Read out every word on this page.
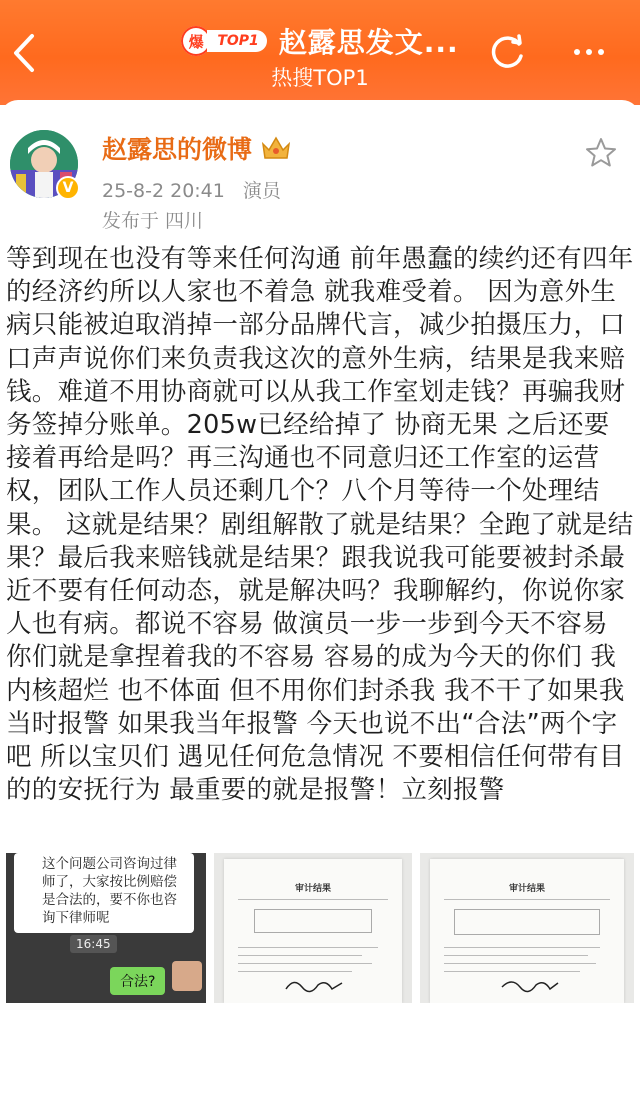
爆 TOP1 赵露思发文...
热搜TOP1
V
赵露思的微博
25-8-2 20:41 演员
发布于 四川
等到现在也没有等来任何沟通 前年愚蠢的续约还有四年的经济约所以人家也不着急 就我难受着。 因为意外生病只能被迫取消掉一部分品牌代言，减少拍摄压力，口口声声说你们来负责我这次的意外生病，结果是我来赔钱。难道不用协商就可以从我工作室划走钱？再骗我财务签掉分账单。205w已经给掉了 协商无果 之后还要接着再给是吗？再三沟通也不同意归还工作室的运营权，团队工作人员还剩几个？八个月等待一个处理结果。 这就是结果？剧组解散了就是结果？全跑了就是结果？最后我来赔钱就是结果？跟我说我可能要被封杀最近不要有任何动态，就是解决吗？我聊解约，你说你家人也有病。都说不容易 做演员一步一步到今天不容易 你们就是拿捏着我的不容易 容易的成为今天的你们 我内核超烂 也不体面 但不用你们封杀我 我不干了如果我当时报警 如果我当年报警 今天也说不出“合法”两个字吧 所以宝贝们 遇见任何危急情况 不要相信任何带有目的的安抚行为 最重要的就是报警！立刻报警
这个问题公司咨询过律师了，大家按比例赔偿是合法的，要不你也咨询下律师呢
16:45
合法?
审计结果	审计结果
